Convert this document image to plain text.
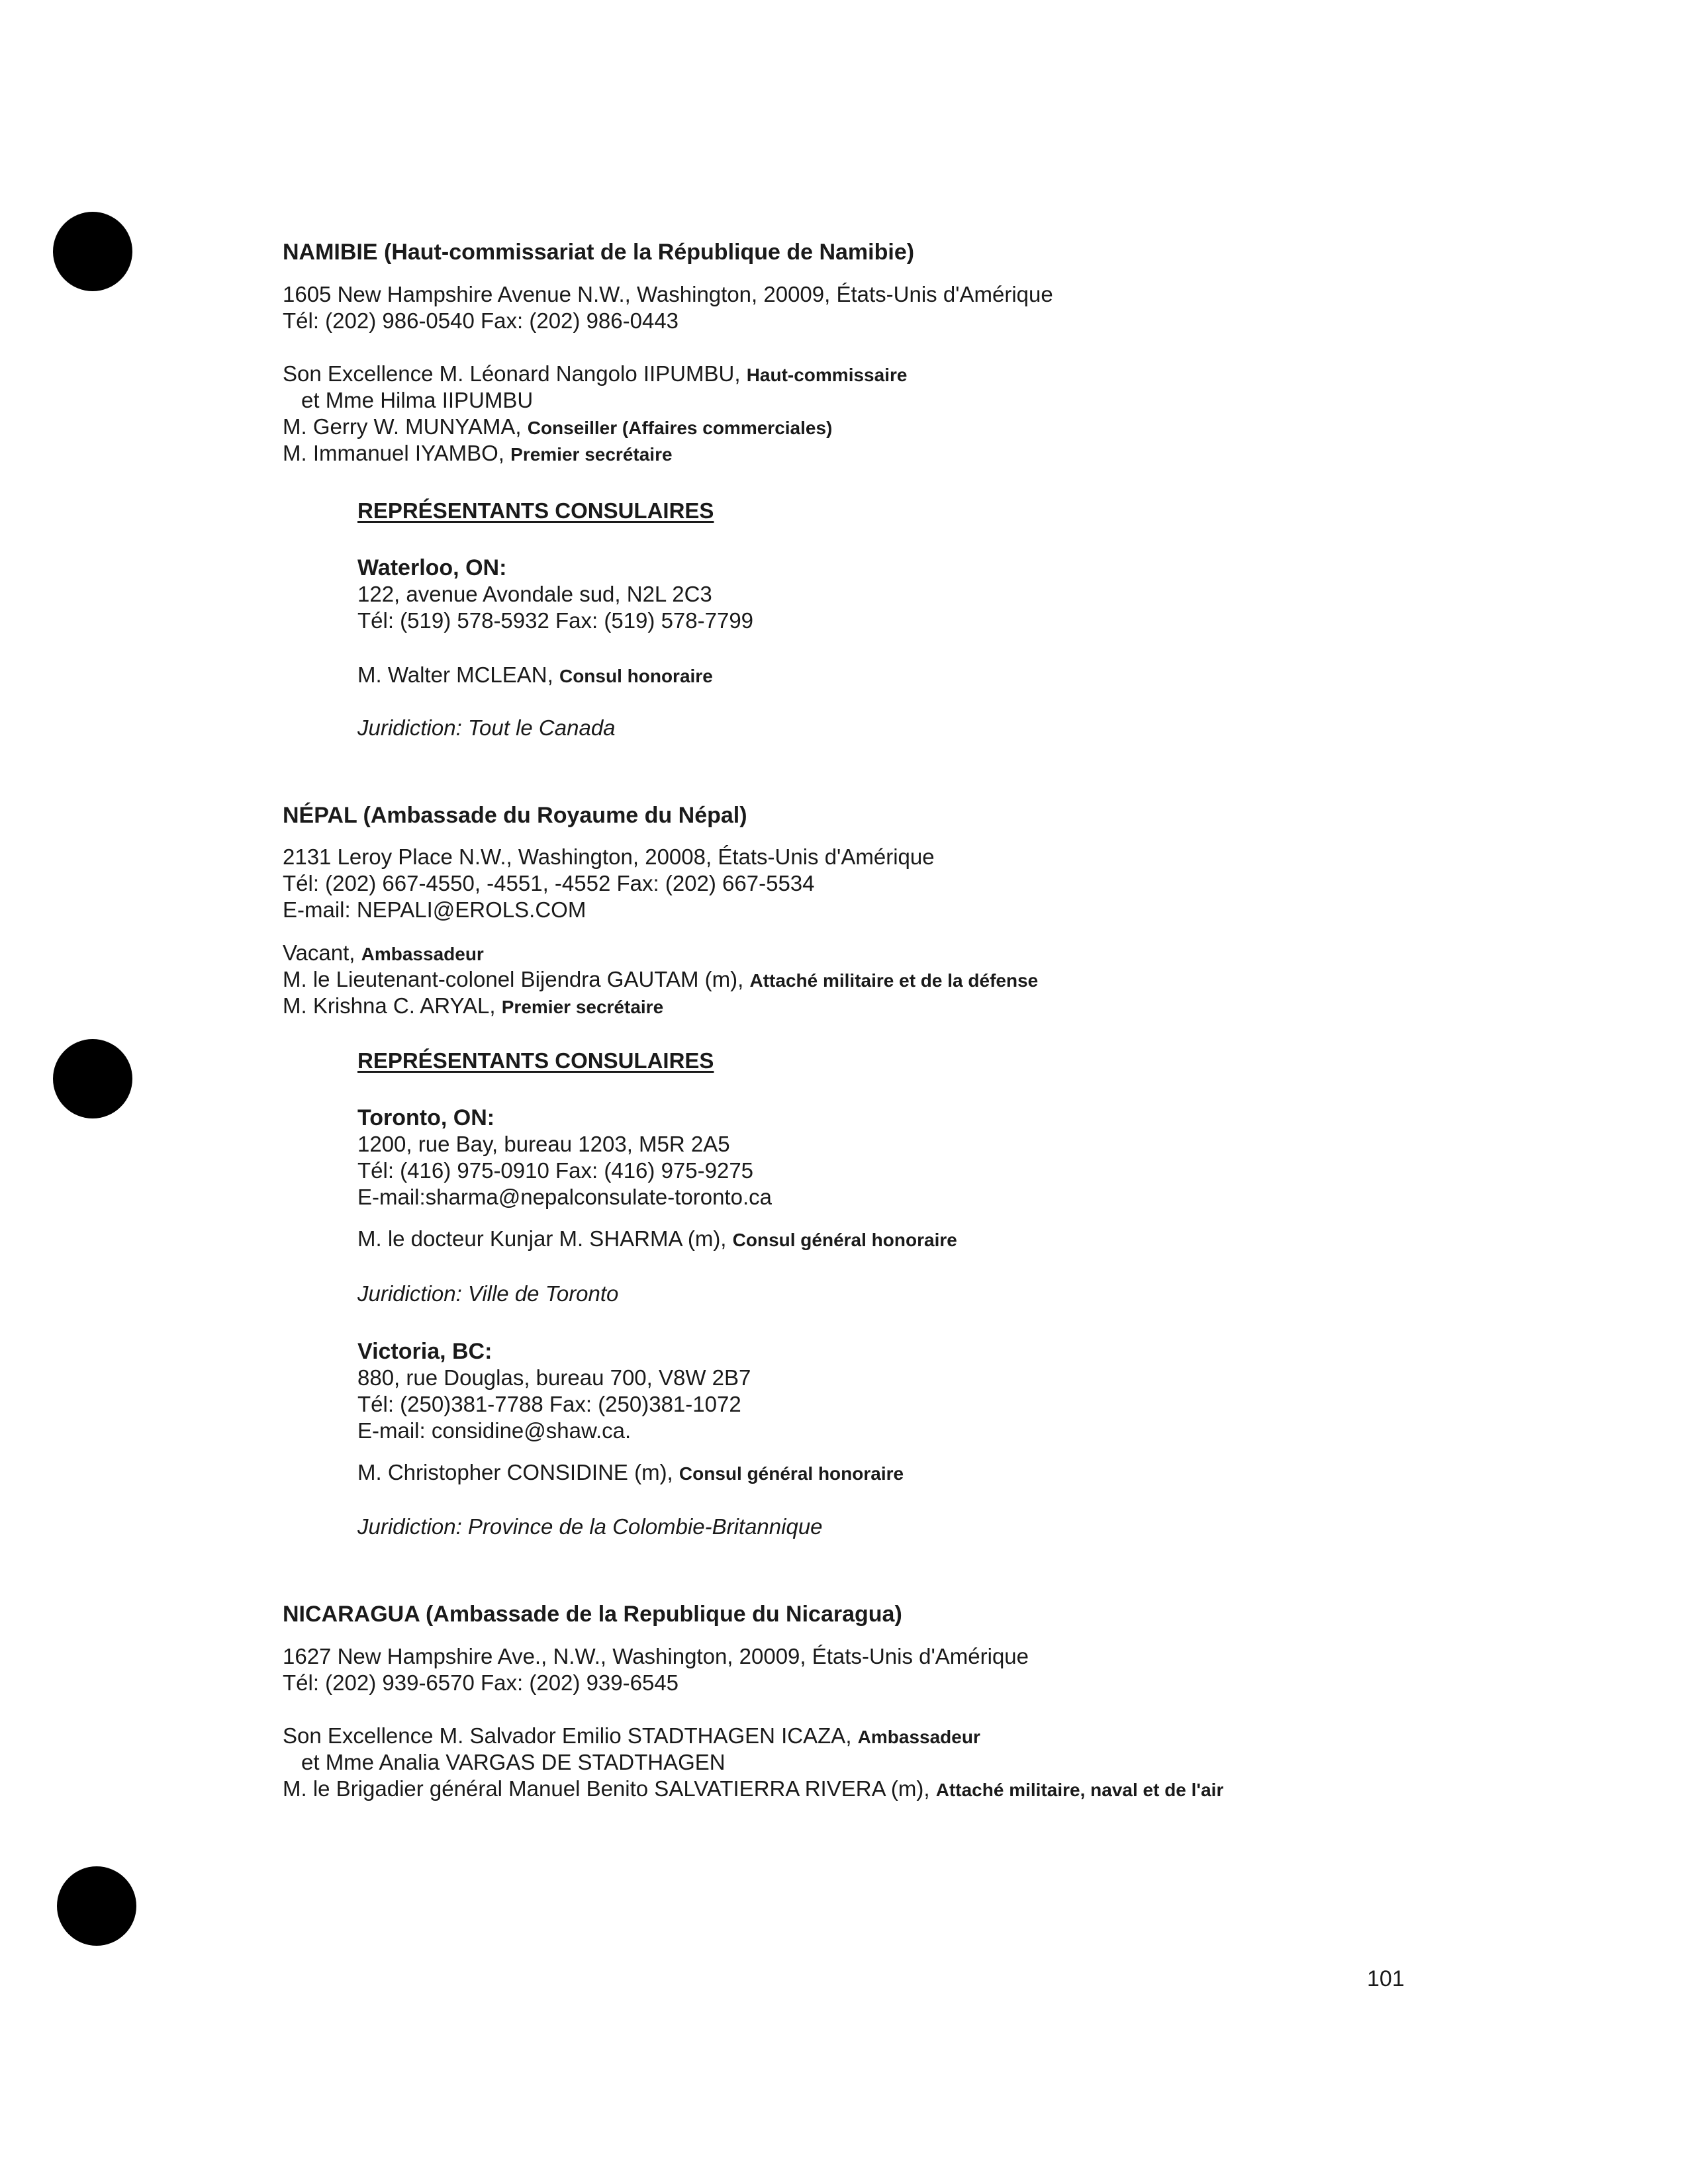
NAMIBIE (Haut-commissariat de la République de Namibie)
1605 New Hampshire Avenue N.W., Washington, 20009, États-Unis d'Amérique
Tél: (202) 986-0540 Fax: (202) 986-0443
Son Excellence M. Léonard Nangolo IIPUMBU, Haut-commissaire
et Mme Hilma IIPUMBU
M. Gerry W. MUNYAMA, Conseiller (Affaires commerciales)
M. Immanuel IYAMBO, Premier secrétaire
REPRÉSENTANTS CONSULAIRES
Waterloo, ON:
122, avenue Avondale sud, N2L 2C3
Tél: (519) 578-5932 Fax: (519) 578-7799
M. Walter MCLEAN, Consul honoraire
Juridiction: Tout le Canada
NÉPAL (Ambassade du Royaume du Népal)
2131 Leroy Place N.W., Washington, 20008, États-Unis d'Amérique
Tél: (202) 667-4550, -4551, -4552 Fax: (202) 667-5534
E-mail: NEPALI@EROLS.COM
Vacant, Ambassadeur
M. le Lieutenant-colonel Bijendra GAUTAM (m), Attaché militaire et de la défense
M. Krishna C. ARYAL, Premier secrétaire
REPRÉSENTANTS CONSULAIRES
Toronto, ON:
1200, rue Bay, bureau 1203, M5R 2A5
Tél: (416) 975-0910 Fax: (416) 975-9275
E-mail:sharma@nepalconsulate-toronto.ca
M. le docteur Kunjar M. SHARMA (m), Consul général honoraire
Juridiction: Ville de Toronto
Victoria, BC:
880, rue Douglas, bureau 700, V8W 2B7
Tél: (250)381-7788 Fax: (250)381-1072
E-mail: considine@shaw.ca.
M. Christopher CONSIDINE (m), Consul général honoraire
Juridiction: Province de la Colombie-Britannique
NICARAGUA (Ambassade de la Republique du Nicaragua)
1627 New Hampshire Ave., N.W., Washington, 20009, États-Unis d'Amérique
Tél: (202) 939-6570 Fax: (202) 939-6545
Son Excellence M. Salvador Emilio STADTHAGEN ICAZA, Ambassadeur
et Mme Analia VARGAS DE STADTHAGEN
M. le Brigadier général Manuel Benito SALVATIERRA RIVERA (m), Attaché militaire, naval et de l'air
101
